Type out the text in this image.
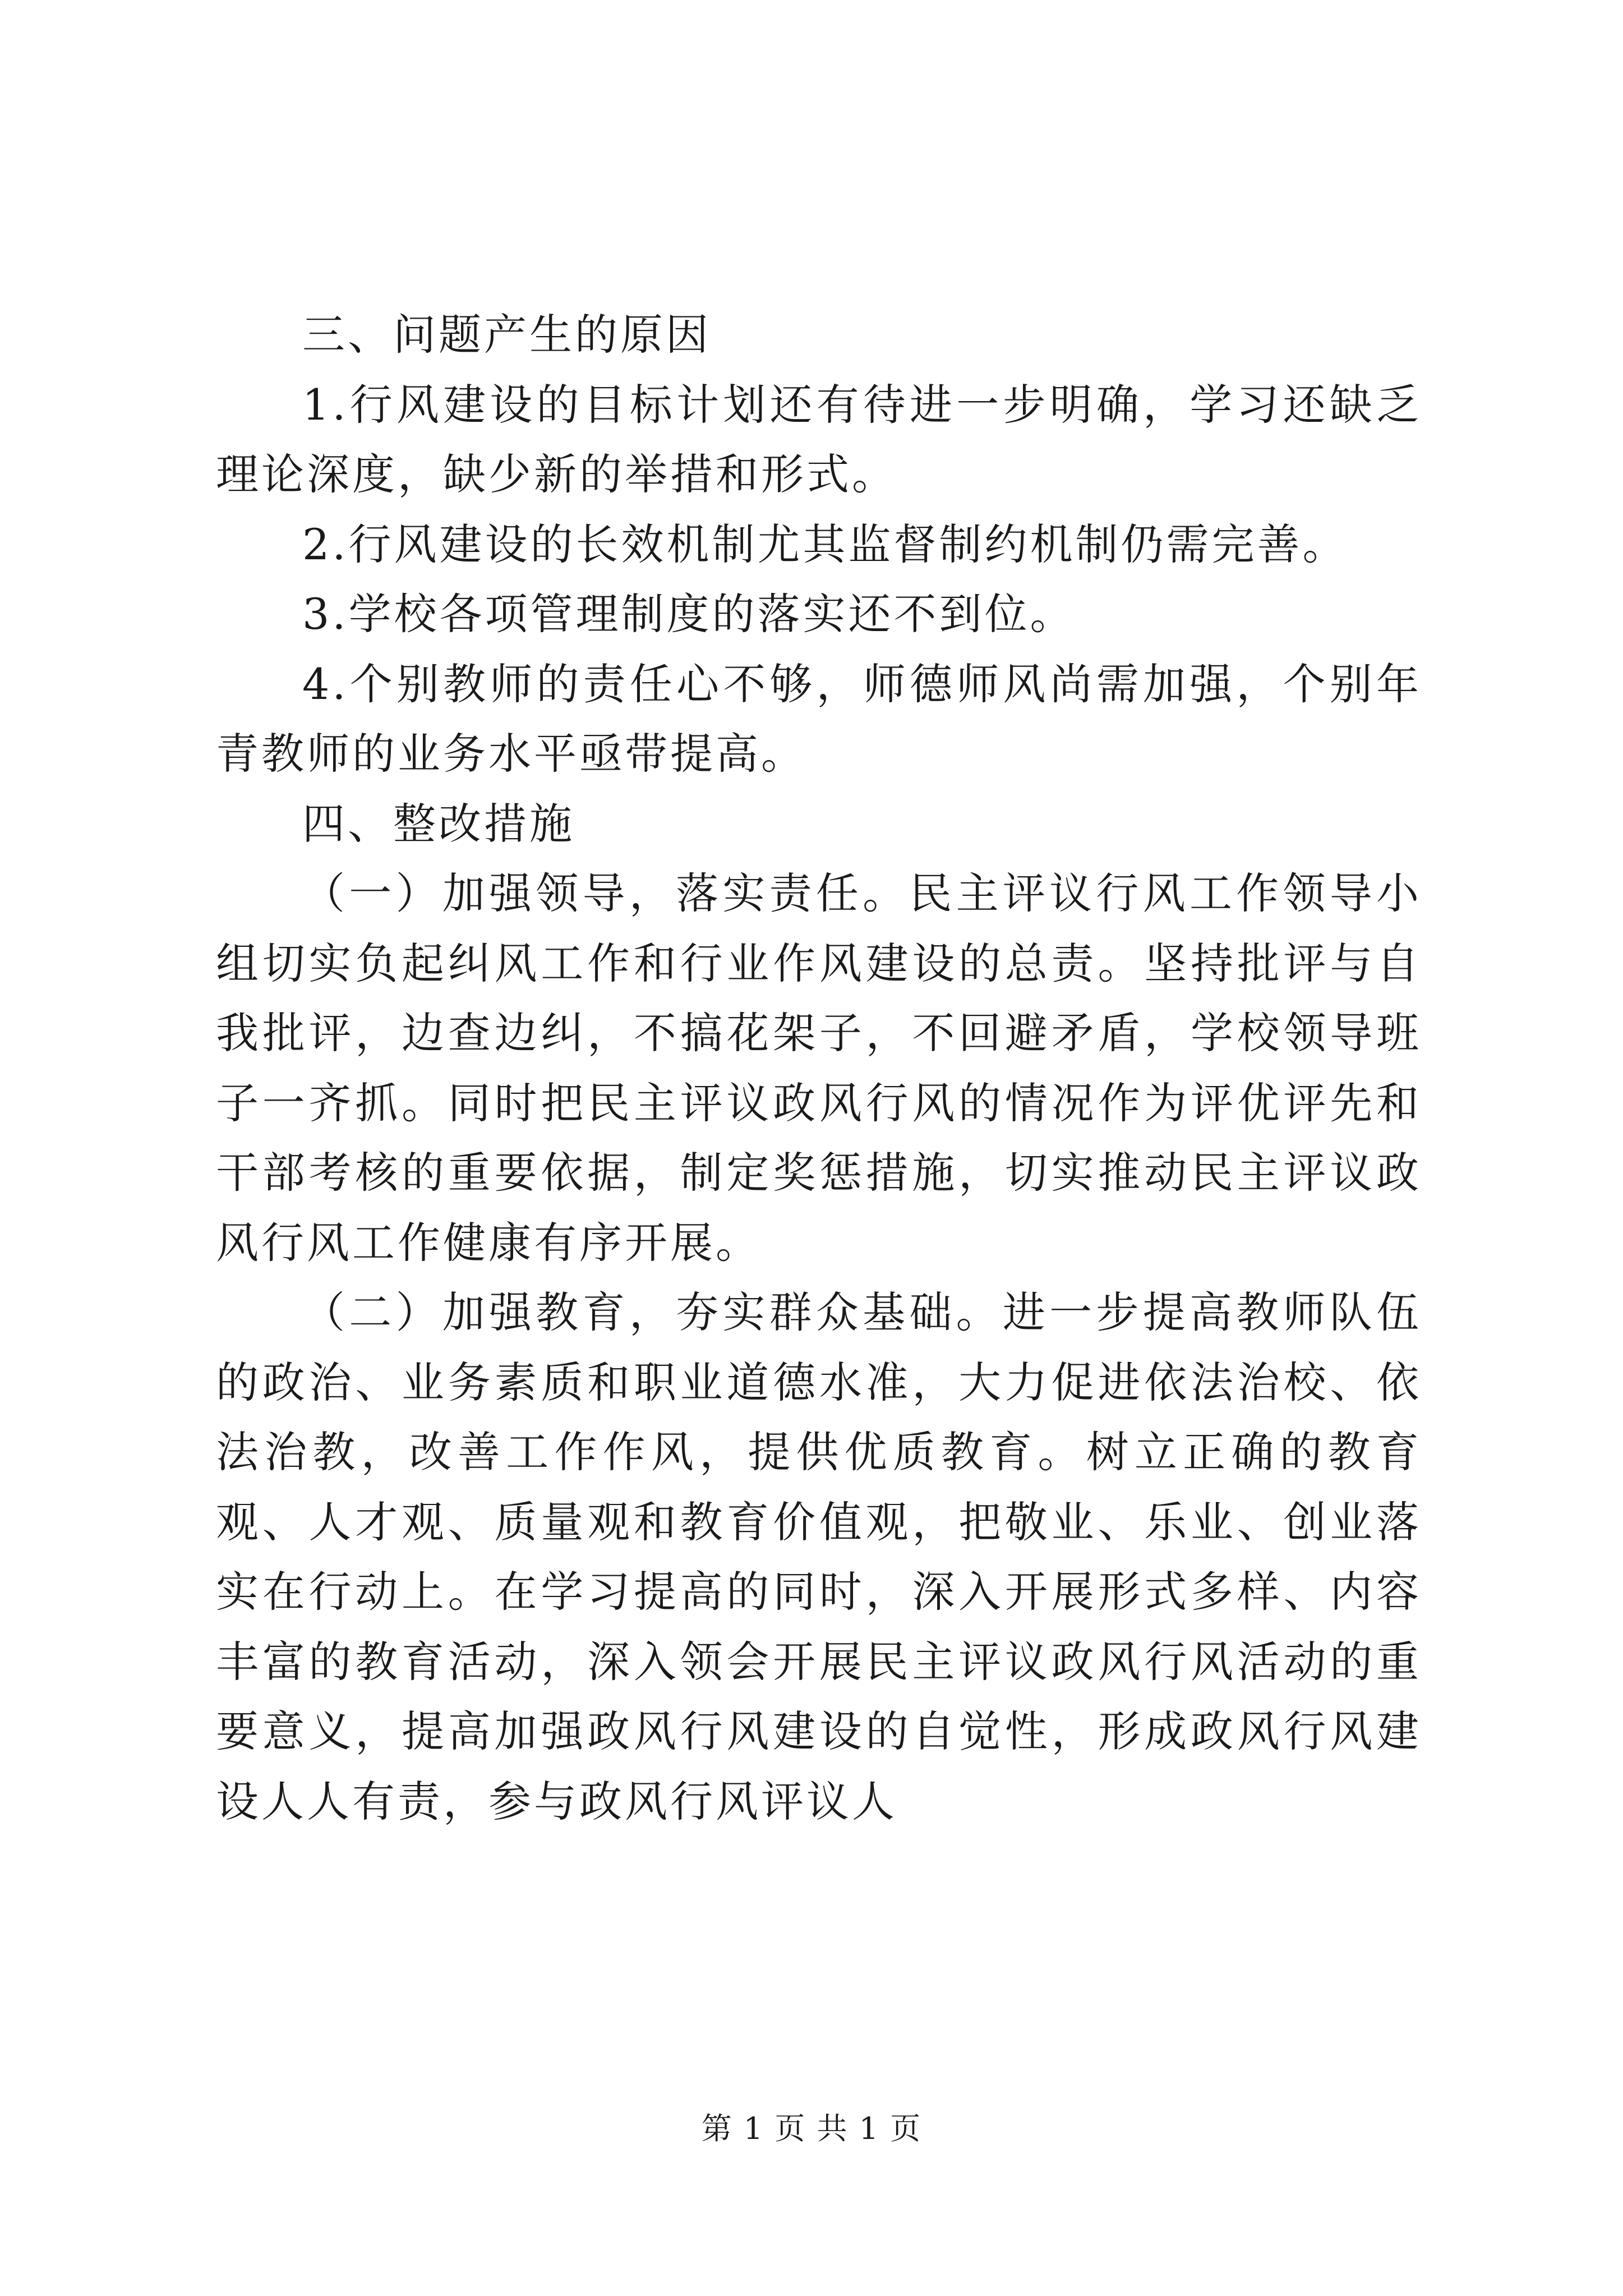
三、问题产生的原因

1.行风建设的目标计划还有待进一步明确，学习还缺乏理论深度，缺少新的举措和形式。

2.行风建设的长效机制尤其监督制约机制仍需完善。

3.学校各项管理制度的落实还不到位。

4.个别教师的责任心不够，师德师风尚需加强，个别年青教师的业务水平亟带提高。

四、整改措施

（一）加强领导，落实责任。民主评议行风工作领导小组切实负起纠风工作和行业作风建设的总责。坚持批评与自我批评，边查边纠，不搞花架子，不回避矛盾，学校领导班子一齐抓。同时把民主评议政风行风的情况作为评优评先和干部考核的重要依据，制定奖惩措施，切实推动民主评议政风行风工作健康有序开展。

（二）加强教育，夯实群众基础。进一步提高教师队伍的政治、业务素质和职业道德水准，大力促进依法治校、依法治教，改善工作作风，提供优质教育。树立正确的教育观、人才观、质量观和教育价值观，把敬业、乐业、创业落实在行动上。在学习提高的同时，深入开展形式多样、内容丰富的教育活动，深入领会开展民主评议政风行风活动的重要意义，提高加强政风行风建设的自觉性，形成政风行风建设人人有责，参与政风行风评议人

第 1 页 共 1 页
